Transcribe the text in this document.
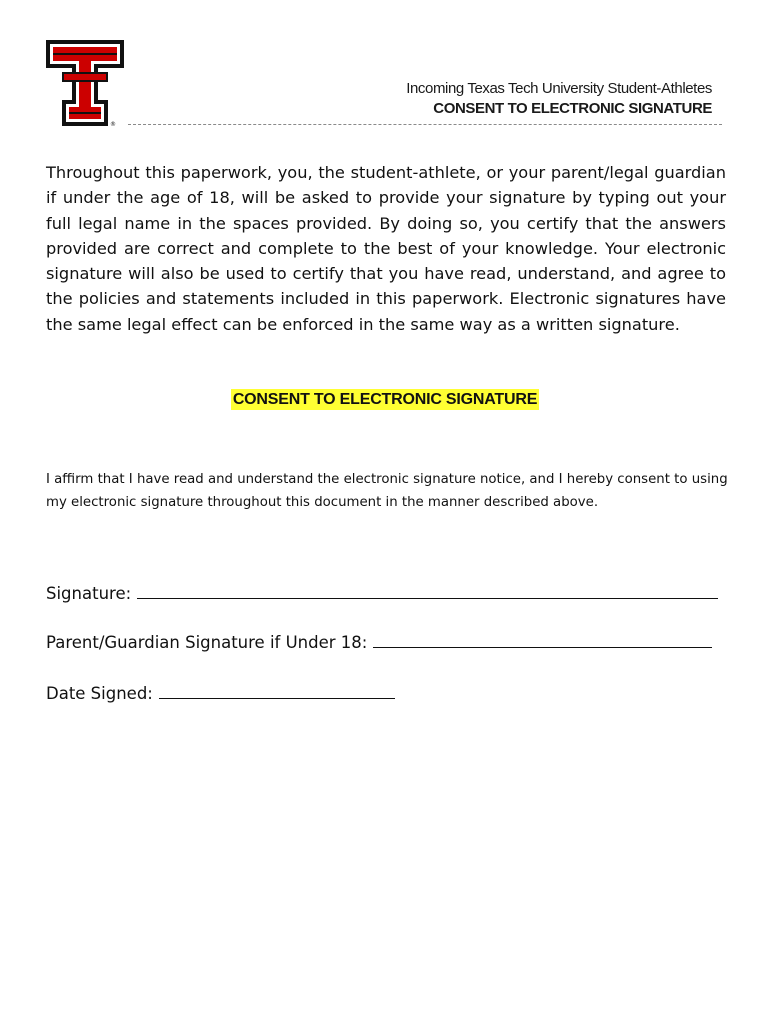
®
Incoming Texas Tech University Student-Athletes
CONSENT TO ELECTRONIC SIGNATURE
Throughout this paperwork, you, the student-athlete, or your parent/legal guardian if under the age of 18, will be asked to provide your signature by typing out your full legal name in the spaces provided. By doing so, you certify that the answers provided are correct and complete to the best of your knowledge. Your electronic signature will also be used to certify that you have read, understand, and agree to the policies and statements included in this paperwork. Electronic signatures have the same legal effect can be enforced in the same way as a written signature.
CONSENT TO ELECTRONIC SIGNATURE
I affirm that I have read and understand the electronic signature notice, and I hereby consent to using my electronic signature throughout this document in the manner described above.
Signature:
Parent/Guardian Signature if Under 18:
Date Signed:
